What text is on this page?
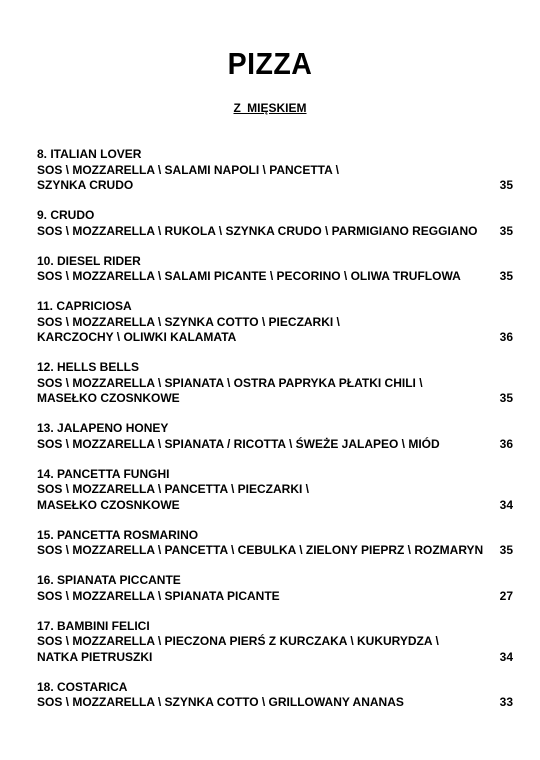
PIZZA
Z MIĘSKIEM
8. ITALIAN LOVER
SOS \ MOZZARELLA \ SALAMI NAPOLI \ PANCETTA \
SZYNKA CRUDO	35
9. CRUDO
SOS \ MOZZARELLA \ RUKOLA \ SZYNKA CRUDO \ PARMIGIANO REGGIANO	35
10. DIESEL RIDER
SOS \ MOZZARELLA \ SALAMI PICANTE \ PECORINO \ OLIWA TRUFLOWA	35
11. CAPRICIOSA
SOS \ MOZZARELLA \ SZYNKA COTTO \ PIECZARKI \
KARCZOCHY \ OLIWKI KALAMATA	36
12. HELLS BELLS
SOS \ MOZZARELLA \ SPIANATA \ OSTRA PAPRYKA PŁATKI CHILI \
MASEŁKO CZOSNKOWE	35
13. JALAPENO HONEY
SOS \ MOZZARELLA \ SPIANATA / RICOTTA \ ŚWEŻE JALAPEO \ MIÓD	36
14. PANCETTA FUNGHI
SOS \ MOZZARELLA \ PANCETTA \ PIECZARKI \
MASEŁKO CZOSNKOWE	34
15. PANCETTA ROSMARINO
SOS \ MOZZARELLA \ PANCETTA \ CEBULKA \ ZIELONY PIEPRZ \ ROZMARYN	35
16. SPIANATA PICCANTE
SOS \ MOZZARELLA \ SPIANATA PICANTE	27
17. BAMBINI FELICI
SOS \ MOZZARELLA \ PIECZONA PIERŚ Z KURCZAKA \ KUKURYDZA \
NATKA PIETRUSZKI	34
18. COSTARICA
SOS \ MOZZARELLA \ SZYNKA COTTO \ GRILLOWANY ANANAS	33
